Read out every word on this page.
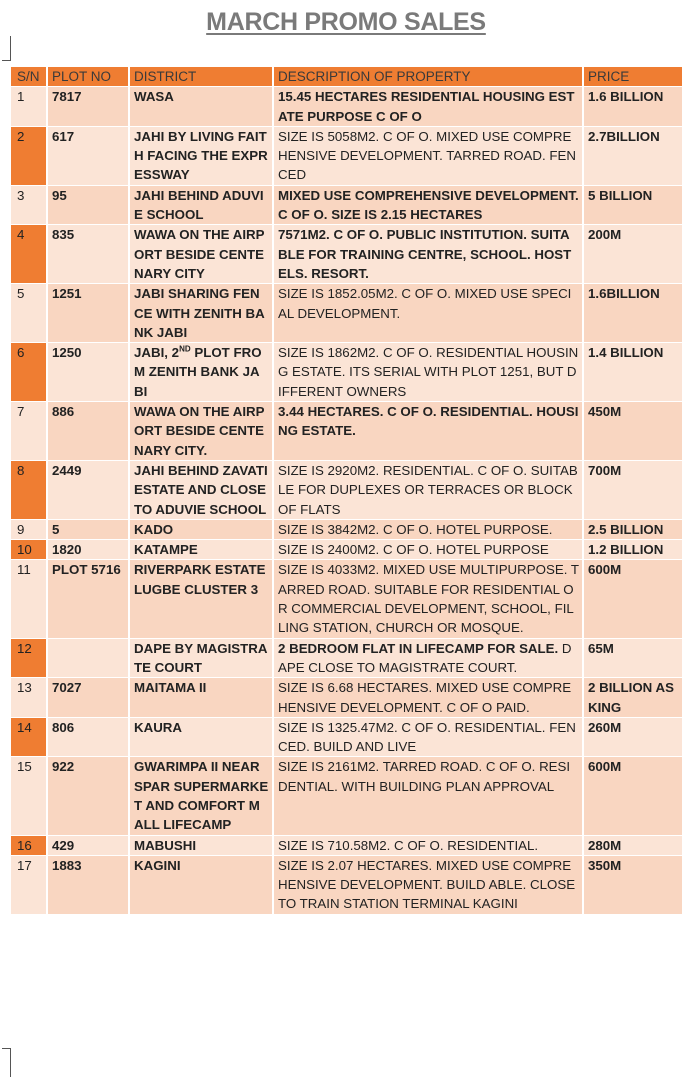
MARCH PROMO SALES
S/N	PLOT NO	DISTRICT	DESCRIPTION OF PROPERTY	PRICE
1	7817	WASA	15.45 HECTARES RESIDENTIAL HOUSING ESTATE PURPOSE C OF O	1.6 BILLION
2	617	JAHI BY LIVING FAITH FACING THE EXPRESSWAY	SIZE IS 5058M2. C OF O. MIXED USE COMPREHENSIVE DEVELOPMENT. TARRED ROAD. FENCED	2.7BILLION
3	95	JAHI BEHIND ADUVIE SCHOOL	MIXED USE COMPREHENSIVE DEVELOPMENT. C OF O. SIZE IS 2.15 HECTARES	5 BILLION
4	835	WAWA ON THE AIRPORT BESIDE CENTENARY CITY	7571M2. C OF O. PUBLIC INSTITUTION. SUITABLE FOR TRAINING CENTRE, SCHOOL. HOSTELS. RESORT.	200M
5	1251	JABI SHARING FENCE WITH ZENITH BANK JABI	SIZE IS 1852.05M2. C OF O. MIXED USE SPECIAL DEVELOPMENT.	1.6BILLION
6	1250	JABI, 2ND PLOT FROM ZENITH BANK JABI	SIZE IS 1862M2. C OF O. RESIDENTIAL HOUSING ESTATE. ITS SERIAL WITH PLOT 1251, BUT DIFFERENT OWNERS	1.4 BILLION
7	886	WAWA ON THE AIRPORT BESIDE CENTENARY CITY.	3.44 HECTARES. C OF O. RESIDENTIAL. HOUSING ESTATE.	450M
8	2449	JAHI BEHIND ZAVATI ESTATE AND CLOSE TO ADUVIE SCHOOL	SIZE IS 2920M2. RESIDENTIAL. C OF O. SUITABLE FOR DUPLEXES OR TERRACES OR BLOCK OF FLATS	700M
9	5	KADO	SIZE IS 3842M2. C OF O. HOTEL PURPOSE.	2.5 BILLION
10	1820	KATAMPE	SIZE IS 2400M2. C OF O. HOTEL PURPOSE	1.2 BILLION
11	PLOT 5716	RIVERPARK ESTATE LUGBE CLUSTER 3	SIZE IS 4033M2. MIXED USE MULTIPURPOSE. TARRED ROAD. SUITABLE FOR RESIDENTIAL OR COMMERCIAL DEVELOPMENT, SCHOOL, FILLING STATION, CHURCH OR MOSQUE.	600M
12		DAPE BY MAGISTRATE COURT	2 BEDROOM FLAT IN LIFECAMP FOR SALE. DAPE CLOSE TO MAGISTRATE COURT.	65M
13	7027	MAITAMA II	SIZE IS 6.68 HECTARES. MIXED USE COMPREHENSIVE DEVELOPMENT. C OF O PAID.	2 BILLION ASKING
14	806	KAURA	SIZE IS 1325.47M2. C OF O. RESIDENTIAL. FENCED. BUILD AND LIVE	260M
15	922	GWARIMPA II NEAR SPAR SUPERMARKET AND COMFORT MALL LIFECAMP	SIZE IS 2161M2. TARRED ROAD. C OF O. RESIDENTIAL. WITH BUILDING PLAN APPROVAL	600M
16	429	MABUSHI	SIZE IS 710.58M2. C OF O. RESIDENTIAL.	280M
17	1883	KAGINI	SIZE IS 2.07 HECTARES. MIXED USE COMPREHENSIVE DEVELOPMENT. BUILD ABLE. CLOSE TO TRAIN STATION TERMINAL KAGINI	350M
